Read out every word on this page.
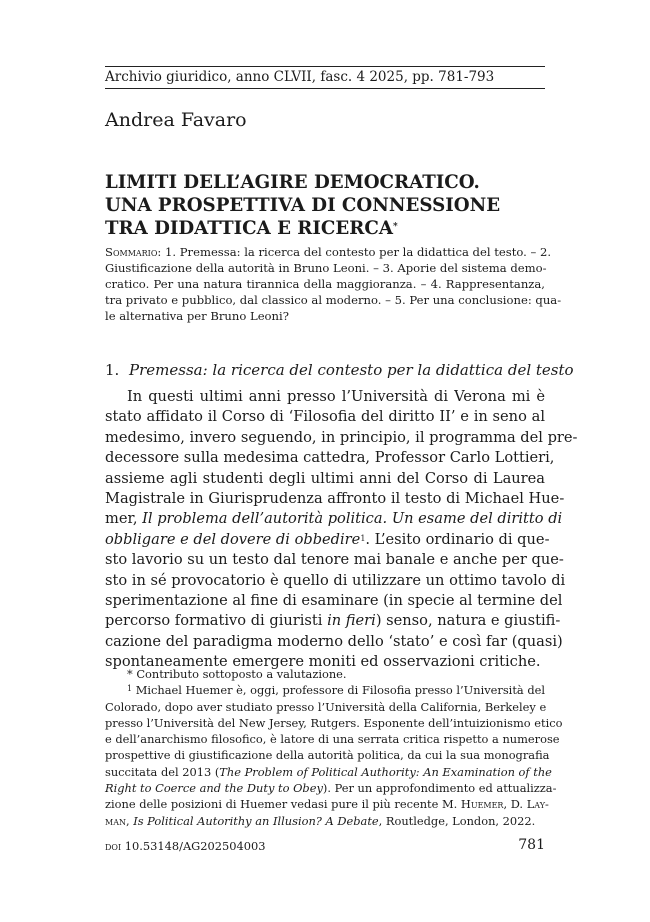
Archivio giuridico, anno CLVII, fasc. 4 2025, pp. 781-793
Andrea Favaro
LIMITI DELL’AGIRE DEMOCRATICO.
UNA PROSPETTIVA DI CONNESSIONE
TRA DIDATTICA E RICERCA*
Sommario: 1. Premessa: la ricerca del contesto per la didattica del testo. – 2.
Giustificazione della autorità in Bruno Leoni. – 3. Aporie del sistema demo-
cratico. Per una natura tirannica della maggioranza. – 4. Rappresentanza,
tra privato e pubblico, dal classico al moderno. – 5. Per una conclusione: qua-
le alternativa per Bruno Leoni?
1. Premessa: la ricerca del contesto per la didattica del testo
In questi ultimi anni presso l’Università di Verona mi è
stato affidato il Corso di ‘Filosofia del diritto II’ e in seno al
medesimo, invero seguendo, in principio, il programma del pre-
decessore sulla medesima cattedra, Professor Carlo Lottieri,
assieme agli studenti degli ultimi anni del Corso di Laurea
Magistrale in Giurisprudenza affronto il testo di Michael Hue-
mer, Il problema dell’autorità politica. Un esame del diritto di
obbligare e del dovere di obbedire$^1$. L’esito ordinario di que-
sto lavorio su un testo dal tenore mai banale e anche per que-
sto in sé provocatorio è quello di utilizzare un ottimo tavolo di
sperimentazione al fine di esaminare (in specie al termine del
percorso formativo di giuristi in fieri) senso, natura e giustifi-
cazione del paradigma moderno dello ‘stato’ e così far (quasi)
spontaneamente emergere moniti ed osservazioni critiche.
* Contributo sottoposto a valutazione.
$^1$ Michael Huemer è, oggi, professore di Filosofia presso l’Università del
Colorado, dopo aver studiato presso l’Università della California, Berkeley e
presso l’Università del New Jersey, Rutgers. Esponente dell’intuizionismo etico
e dell’anarchismo filosofico, è latore di una serrata critica rispetto a numerose
prospettive di giustificazione della autorità politica, da cui la sua monografia
succitata del 2013 (The Problem of Political Authority: An Examination of the
Right to Coerce and the Duty to Obey). Per un approfondimento ed attualizza-
zione delle posizioni di Huemer vedasi pure il più recente M. Huemer, D. Lay-
man, Is Political Autorithy an Illusion? A Debate, Routledge, London, 2022.
doi 10.53148/AG202504003	781
